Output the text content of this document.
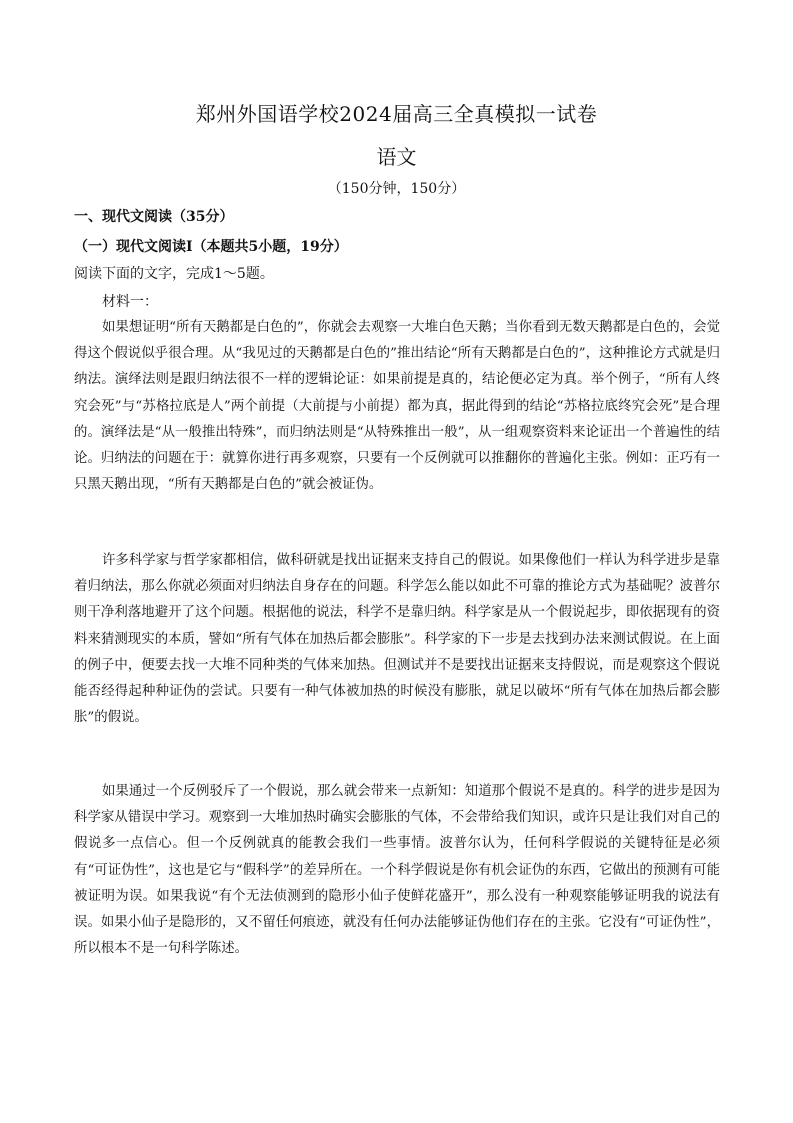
郑州外国语学校2024届高三全真模拟一试卷
语文
（150分钟，150分）
一、现代文阅读（35分）
（一）现代文阅读Ⅰ（本题共5小题，19分）
阅读下面的文字，完成1～5题。
材料一：

如果想证明“所有天鹅都是白色的”，你就会去观察一大堆白色天鹅；当你看到无数天鹅都是白色的，会觉得这个假说似乎很合理。从“我见过的天鹅都是白色的”推出结论“所有天鹅都是白色的”，这种推论方式就是归纳法。演绎法则是跟归纳法很不一样的逻辑论证：如果前提是真的，结论便必定为真。举个例子，“所有人终究会死”与“苏格拉底是人”两个前提（大前提与小前提）都为真，据此得到的结论“苏格拉底终究会死”是合理的。演绎法是“从一般推出特殊”，而归纳法则是“从特殊推出一般”，从一组观察资料来论证出一个普遍性的结论。归纳法的问题在于：就算你进行再多观察，只要有一个反例就可以推翻你的普遍化主张。例如：正巧有一只黑天鹅出现，“所有天鹅都是白色的”就会被证伪。

许多科学家与哲学家都相信，做科研就是找出证据来支持自己的假说。如果像他们一样认为科学进步是靠着归纳法，那么你就必须面对归纳法自身存在的问题。科学怎么能以如此不可靠的推论方式为基础呢？波普尔则干净利落地避开了这个问题。根据他的说法，科学不是靠归纳。科学家是从一个假说起步，即依据现有的资料来猜测现实的本质，譬如“所有气体在加热后都会膨胀”。科学家的下一步是去找到办法来测试假说。在上面的例子中，便要去找一大堆不同种类的气体来加热。但测试并不是要找出证据来支持假说，而是观察这个假说能否经得起种种证伪的尝试。只要有一种气体被加热的时候没有膨胀，就足以破坏“所有气体在加热后都会膨胀”的假说。

如果通过一个反例驳斥了一个假说，那么就会带来一点新知：知道那个假说不是真的。科学的进步是因为科学家从错误中学习。观察到一大堆加热时确实会膨胀的气体，不会带给我们知识，或许只是让我们对自己的假说多一点信心。但一个反例就真的能教会我们一些事情。波普尔认为，任何科学假说的关键特征是必须有“可证伪性”，这也是它与“假科学”的差异所在。一个科学假说是你有机会证伪的东西，它做出的预测有可能被证明为误。如果我说“有个无法侦测到的隐形小仙子使鲜花盛开”，那么没有一种观察能够证明我的说法有误。如果小仙子是隐形的，又不留任何痕迹，就没有任何办法能够证伪他们存在的主张。它没有“可证伪性”，所以根本不是一句科学陈述。
